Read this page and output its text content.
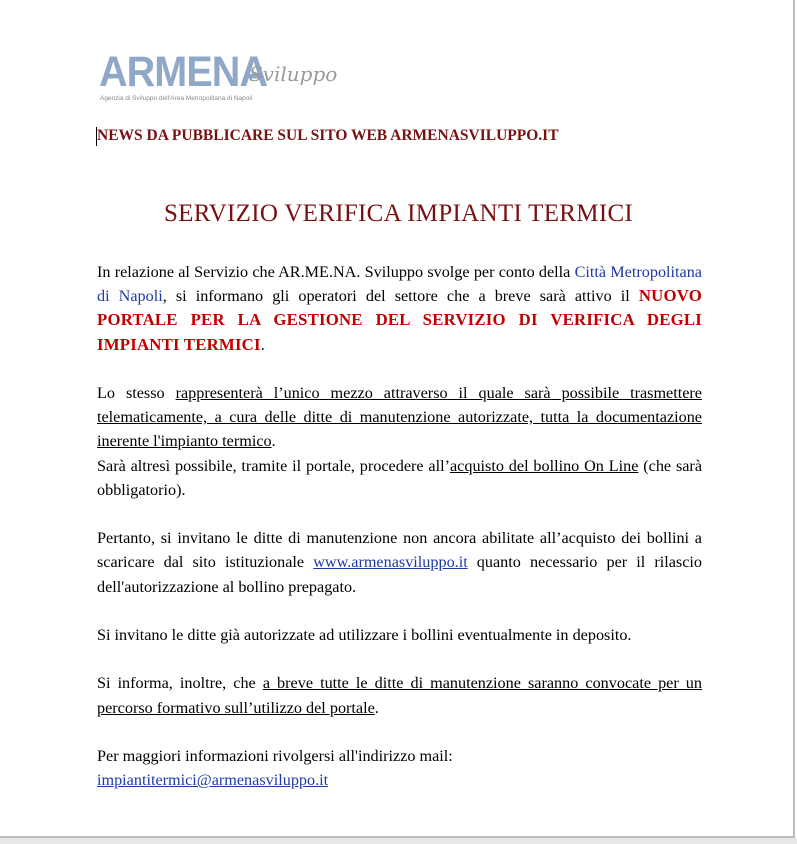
ARMENA
Sviluppo
Agenzia di Sviluppo dell'Area Metropolitana di Napoli
NEWS DA PUBBLICARE SUL SITO WEB ARMENASVILUPPO.IT
SERVIZIO VERIFICA IMPIANTI TERMICI

In relazione al Servizio che AR.ME.NA. Sviluppo svolge per conto della Città Metropolitana di Napoli, si informano gli operatori del settore che a breve sarà attivo il NUOVO PORTALE PER LA GESTIONE DEL SERVIZIO DI VERIFICA DEGLI IMPIANTI TERMICI.

Lo stesso rappresenterà l’unico mezzo attraverso il quale sarà possibile trasmettere telematicamente, a cura delle ditte di manutenzione autorizzate, tutta la documentazione inerente l'impianto termico.

Sarà altresì possibile, tramite il portale, procedere all’acquisto del bollino On Line (che sarà obbligatorio).

Pertanto, si invitano le ditte di manutenzione non ancora abilitate all’acquisto dei bollini a scaricare dal sito istituzionale www.armenasviluppo.it quanto necessario per il rilascio dell'autorizzazione al bollino prepagato.

Si invitano le ditte già autorizzate ad utilizzare i bollini eventualmente in deposito.

Si informa, inoltre, che a breve tutte le ditte di manutenzione saranno convocate per un percorso formativo sull’utilizzo del portale.

Per maggiori informazioni rivolgersi all'indirizzo mail:
impiantitermici@armenasviluppo.it
